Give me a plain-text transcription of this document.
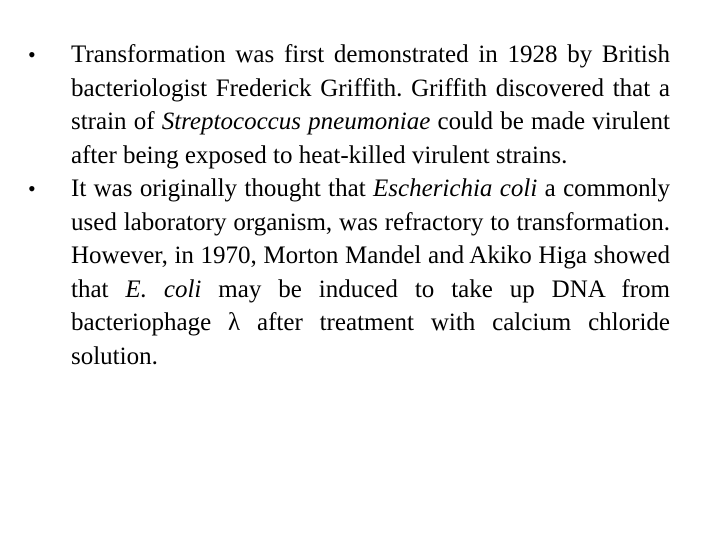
• Transformation was first demonstrated in 1928 by British bacteriologist Frederick Griffith. Griffith discovered that a strain of Streptococcus pneumoniae could be made virulent after being exposed to heat-killed virulent strains.
• It was originally thought that Escherichia coli a commonly used laboratory organism, was refractory to transformation. However, in 1970, Morton Mandel and Akiko Higa showed that E. coli may be induced to take up DNA from bacteriophage λ after treatment with calcium chloride solution.
